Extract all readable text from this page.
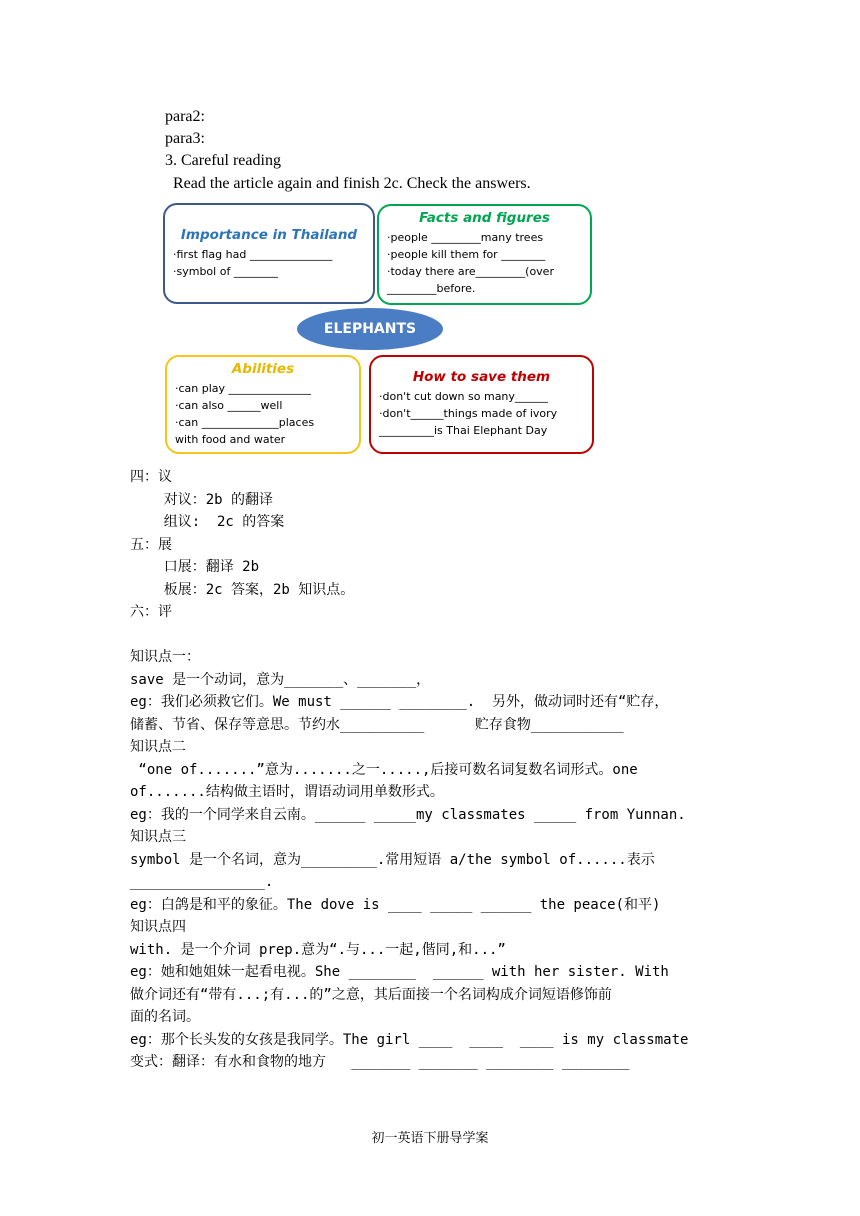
para2:
para3:
3. Careful reading
Read the article again and finish 2c. Check the answers.
Importance in Thailand
·first flag had _______________
·symbol of ________
Facts and figures
·people _________many trees
·people kill them for ________
·today there are_________(over
_________before.
ELEPHANTS
Abilities
·can play _______________
·can also ______well
·can ______________places
with food and water
How to save them
·don't cut down so many______
·don't______things made of ivory
__________is Thai Elephant Day
四：议
对议：2b 的翻译
组议:  2c 的答案
五：展
口展：翻译 2b
板展：2c 答案，2b 知识点。
六：评
知识点一：
save 是一个动词，意为_______、_______，
eg：我们必须救它们。We must ______ ________.  另外，做动词时还有“贮存，
储蓄、节省、保存等意思。节约水__________      贮存食物___________
知识点二
“one of.......”意为.......之一.....,后接可数名词复数名词形式。one
of.......结构做主语时，谓语动词用单数形式。
eg：我的一个同学来自云南。______ _____my classmates _____ from Yunnan.
知识点三
symbol 是一个名词，意为_________.常用短语 a/the symbol of......表示
________________.
eg：白鸽是和平的象征。The dove is ____ _____ ______ the peace(和平)
知识点四
with. 是一个介词 prep.意为“.与...一起,偕同,和...”
eg：她和她姐妹一起看电视。She ________  ______ with her sister. With
做介词还有“带有...;有...的”之意，其后面接一个名词构成介词短语修饰前
面的名词。
eg：那个长头发的女孩是我同学。The girl ____  ____  ____ is my classmate
变式：翻译：有水和食物的地方   _______ _______ ________ ________
初一英语下册导学案
